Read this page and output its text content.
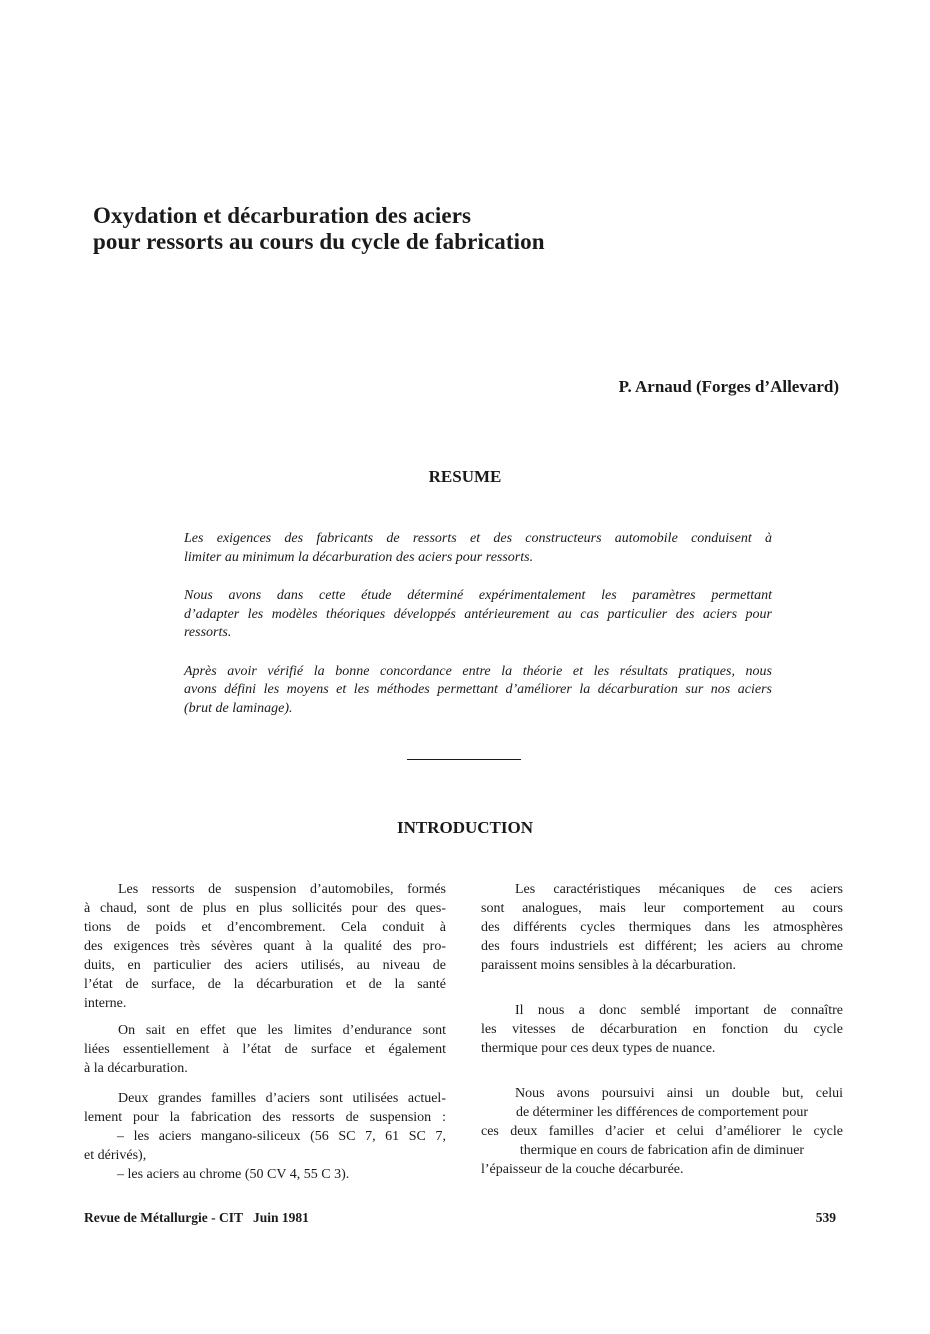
Oxydation et décarburation des aciers
pour ressorts au cours du cycle de fabrication

P. Arnaud (Forges d’Allevard)

RESUME

Les exigences des fabricants de ressorts et des constructeurs automobile conduisent à
limiter au minimum la décarburation des aciers pour ressorts.

Nous avons dans cette étude déterminé expérimentalement les paramètres permettant
d’adapter les modèles théoriques développés antérieurement au cas particulier des aciers pour
ressorts.

Après avoir vérifié la bonne concordance entre la théorie et les résultats pratiques, nous
avons défini les moyens et les méthodes permettant d’améliorer la décarburation sur nos aciers
(brut de laminage).

INTRODUCTION

Les ressorts de suspension d’automobiles, formés
à chaud, sont de plus en plus sollicités pour des ques-
tions de poids et d’encombrement. Cela conduit à
des exigences très sévères quant à la qualité des pro-
duits, en particulier des aciers utilisés, au niveau de
l’état de surface, de la décarburation et de la santé
interne.

On sait en effet que les limites d’endurance sont
liées essentiellement à l’état de surface et également
à la décarburation.

Deux grandes familles d’aciers sont utilisées actuel-
lement pour la fabrication des ressorts de suspension :
– les aciers mangano-siliceux (56 SC 7, 61 SC 7,
et dérivés),
– les aciers au chrome (50 CV 4, 55 C 3).

Les caractéristiques mécaniques de ces aciers
sont analogues, mais leur comportement au cours
des différents cycles thermiques dans les atmosphères
des fours industriels est différent; les aciers au chrome
paraissent moins sensibles à la décarburation.

Il nous a donc semblé important de connaître
les vitesses de décarburation en fonction du cycle
thermique pour ces deux types de nuance.

Nous avons poursuivi ainsi un double but, celui
de déterminer les différences de comportement pour
ces deux familles d’acier et celui d’améliorer le cycle
thermique en cours de fabrication afin de diminuer
l’épaisseur de la couche décarburée.

Revue de Métallurgie - CIT Juin 1981	539
